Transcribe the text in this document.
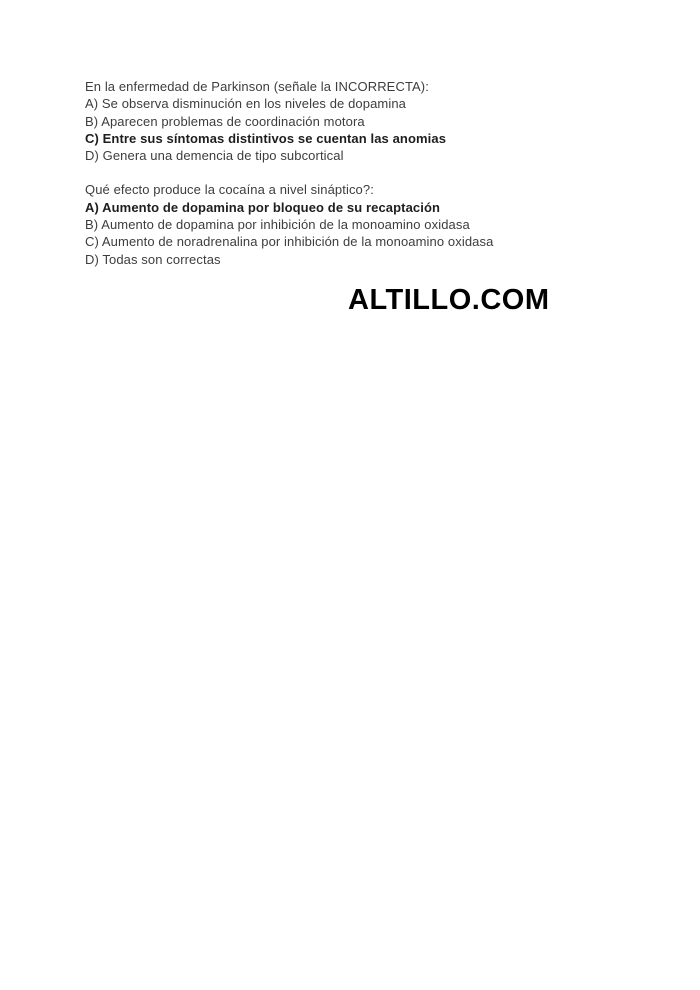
En la enfermedad de Parkinson (señale la INCORRECTA):

A) Se observa disminución en los niveles de dopamina

B) Aparecen problemas de coordinación motora

C) Entre sus síntomas distintivos se cuentan las anomias

D) Genera una demencia de tipo subcortical

Qué efecto produce la cocaína a nivel sináptico?:

A) Aumento de dopamina por bloqueo de su recaptación

B) Aumento de dopamina por inhibición de la monoamino oxidasa

C) Aumento de noradrenalina por inhibición de la monoamino oxidasa

D) Todas son correctas

ALTILLO.COM
